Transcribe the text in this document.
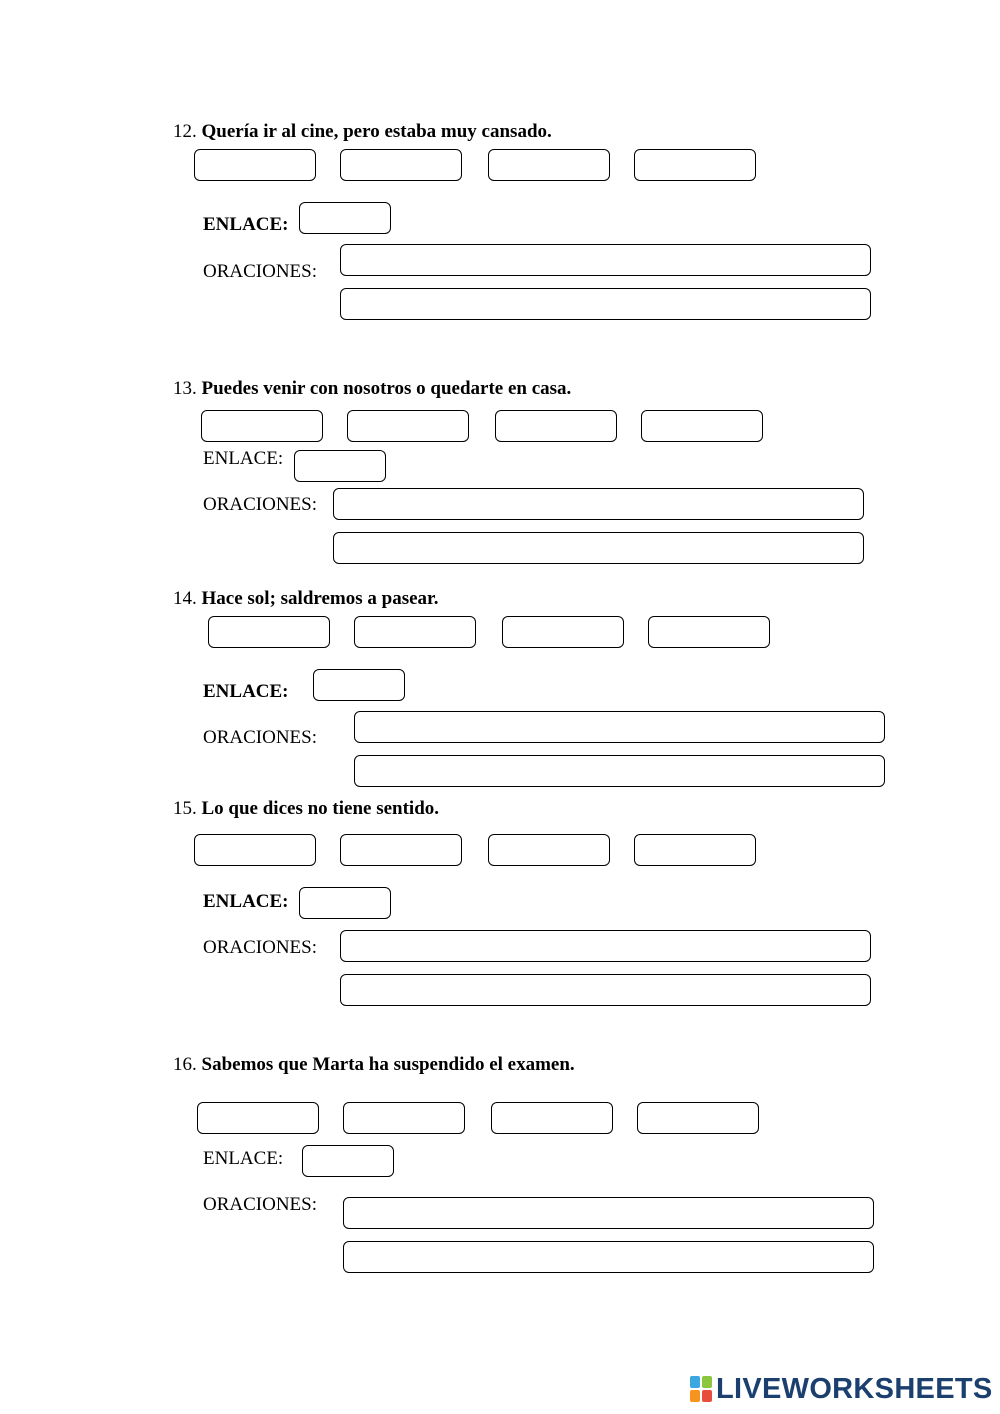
12. Quería ir al cine, pero estaba muy cansado.
ENLACE:
ORACIONES:
13. Puedes venir con nosotros o quedarte en casa.
ENLACE:
ORACIONES:
14. Hace sol; saldremos a pasear.
ENLACE:
ORACIONES:
15. Lo que dices no tiene sentido.
ENLACE:
ORACIONES:
16. Sabemos que Marta ha suspendido el examen.
ENLACE:
ORACIONES:
LIVEWORKSHEETS
